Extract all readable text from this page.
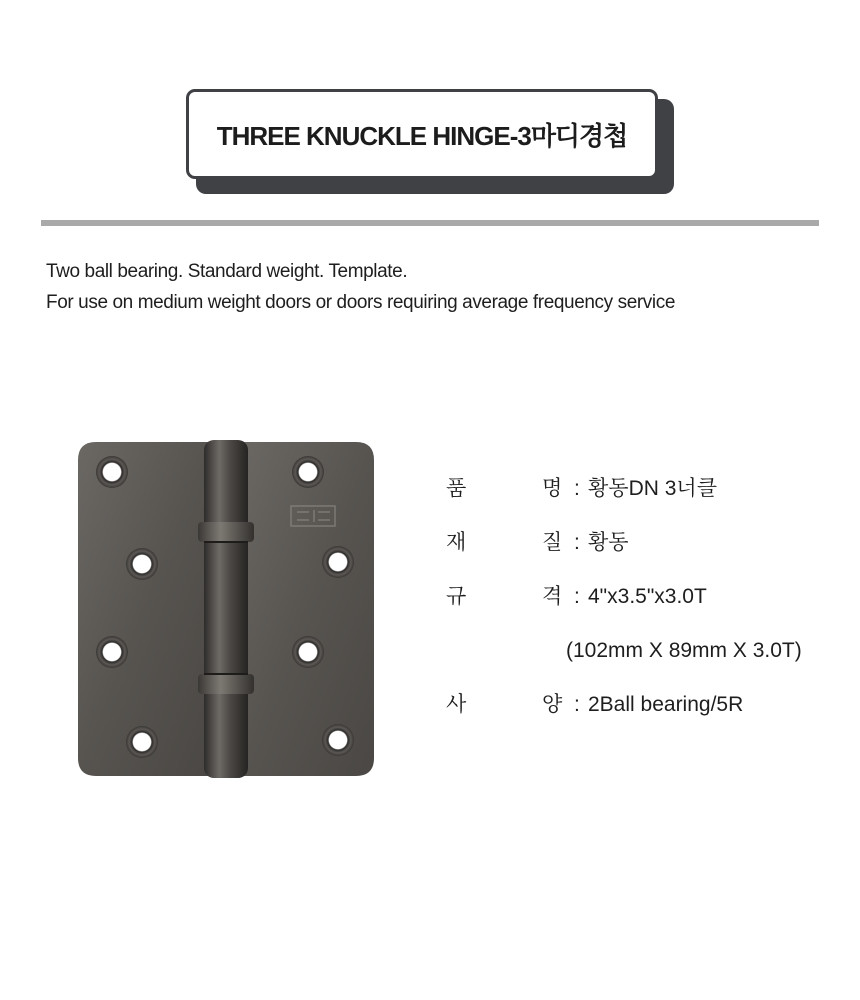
THREE KNUCKLE HINGE-3마디경첩
Two ball bearing. Standard weight. Template.
For use on medium weight doors or doors requiring average frequency service
품	명 : 황동DN 3너클
재	질 : 황동
규	격 : 4"x3.5"x3.0T
(102mm X 89mm X 3.0T)
사	양 : 2Ball bearing/5R
